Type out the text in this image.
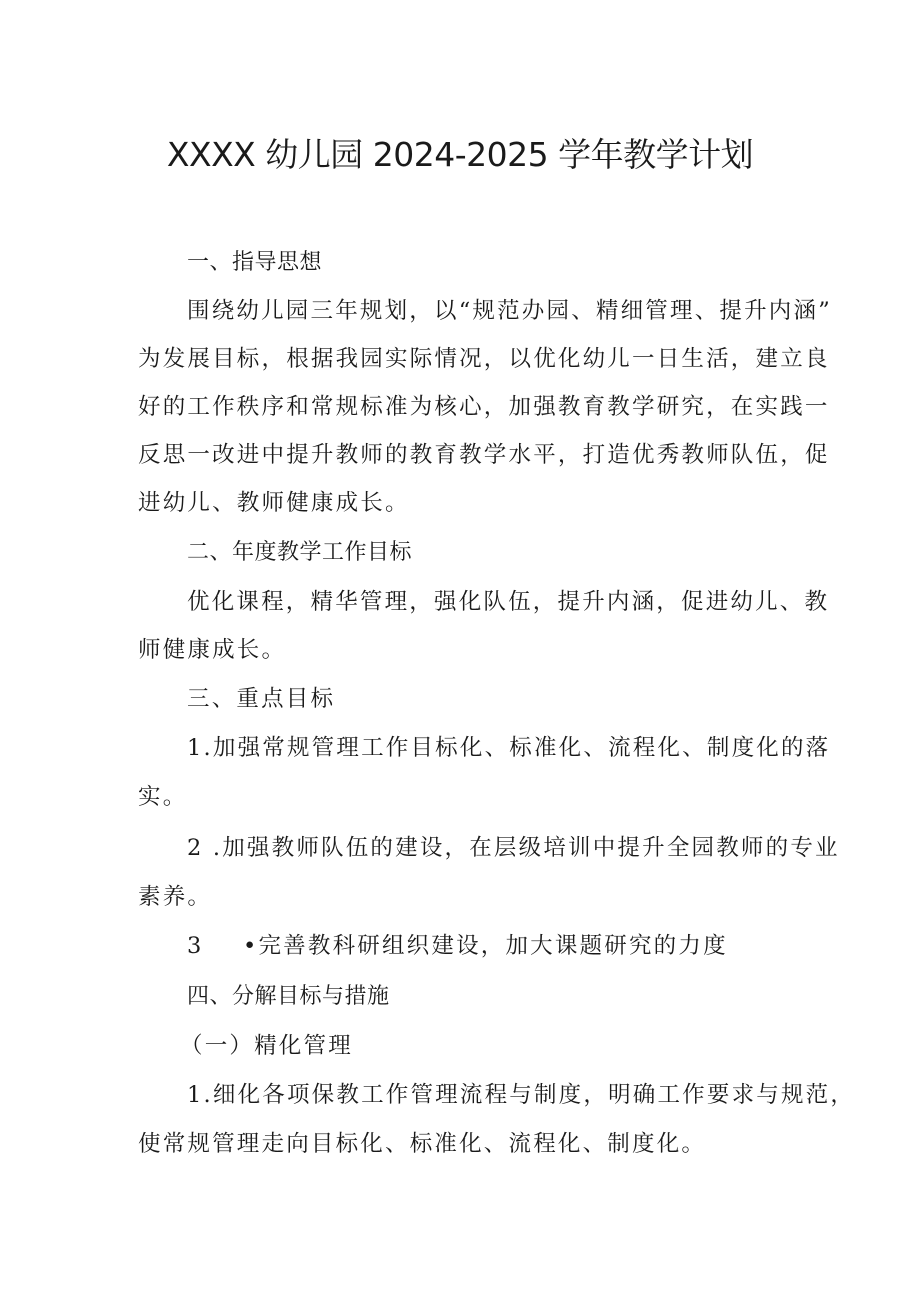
XXXX 幼儿园 2024-2025 学年教学计划
一、指导思想
围绕幼儿园三年规划，以“规范办园、精细管理、提升内涵”
为发展目标，根据我园实际情况，以优化幼儿一日生活，建立良
好的工作秩序和常规标准为核心，加强教育教学研究，在实践一
反思一改进中提升教师的教育教学水平，打造优秀教师队伍，促
进幼儿、教师健康成长。
二、年度教学工作目标
优化课程，精华管理，强化队伍，提升内涵，促进幼儿、教
师健康成长。
三、重点目标
1.加强常规管理工作目标化、标准化、流程化、制度化的落
实。
2 .加强教师队伍的建设，在层级培训中提升全园教师的专业
素养。
3 •完善教科研组织建设，加大课题研究的力度
四、分解目标与措施
（一）精化管理
1.细化各项保教工作管理流程与制度，明确工作要求与规范，
使常规管理走向目标化、标准化、流程化、制度化。
